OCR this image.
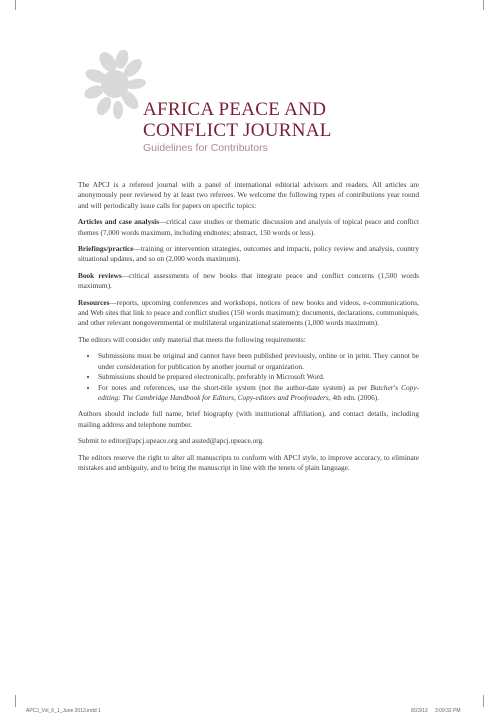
AFRICA PEACE AND
CONFLICT JOURNAL
Guidelines for Contributors

The APCJ is a refereed journal with a panel of international editorial advisors and readers. All articles are anonymously peer reviewed by at least two referees. We welcome the following types of contributions year round and will periodically issue calls for papers on specific topics:

Articles and case analysis—critical case studies or thematic discussion and analysis of topical peace and conflict themes (7,000 words maximum, including endnotes; abstract, 150 words or less).

Briefings/practice—training or intervention strategies, outcomes and impacts, policy review and analysis, country situational updates, and so on (2,000 words maximum).

Book reviews—critical assessments of new books that integrate peace and conflict concerns (1,500 words maximum).

Resources—reports, upcoming conferences and workshops, notices of new books and videos, e-communications, and Web sites that link to peace and conflict studies (150 words maximum); documents, declarations, communiqués, and other relevant nongovernmental or multilateral organizational statements (1,000 words maximum).

The editors will consider only material that meets the following requirements:

• Submissions must be original and cannot have been published previously, online or in print. They cannot be under consideration for publication by another journal or organization.
• Submissions should be prepared electronically, preferably in Microsoft Word.
• For notes and references, use the short-title system (not the author-date system) as per Butcher's Copy-editing: The Cambridge Handbook for Editors, Copy-editors and Proofreaders, 4th edn. (2006).

Authors should include full name, brief biography (with institutional affiliation), and contact details, including mailing address and telephone number.

Submit to editor@apcj.upeace.org and assted@apcj.upeace.org.

The editors reserve the right to alter all manuscripts to conform with APCJ style, to improve accuracy, to eliminate mistakes and ambiguity, and to bring the manuscript in line with the tenets of plain language.

APCJ_Vol_6_1_June 2013.indd 1	8/23/13 3:09:32 PM
